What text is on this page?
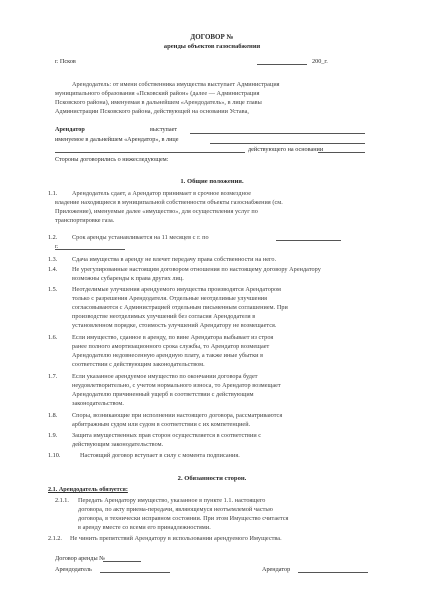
ДОГОВОР №
аренды объектов газоснабжения
г. Псков	200_г.
Арендодатель: от имени собственника имущества выступает Администрация
муниципального образования «Псковский район» (далее — Администрация
Псковского района), именуемая в дальнейшем «Арендодатель», в лице главы
Администрации Псковского района, действующей на основании Устава,
Арендатор	выступает
именуемое в дальнейшем «Арендатор», в лице
действующего на основании
Стороны договорились о нижеследующем:
1. Общие положения.
1.1. Арендодатель сдает, а Арендатор принимает в срочное возмездное
владение находящиеся в муниципальной собственности объекты газоснабжения (см.
Приложение), именуемые далее «имущество», для осуществления услуг по
транспортировке газа.
1.2. Срок аренды устанавливается на 11 месяцев с г. по
г.
1.3. Сдача имущества в аренду не влечет передачу права собственности на него.
1.4. Не урегулированные настоящим договором отношения по настоящему договору Арендатору
возможны субаренды к права других лиц.
1.5. Неотделимые улучшения арендуемого имущества производятся Арендатором
только с разрешения Арендодателя. Отдельные неотделимые улучшения
согласовываются с Администрацией отдельным письменным соглашением. При
производстве неотделимых улучшений без согласия Арендодателя в
установленном порядке, стоимость улучшений Арендатору не возмещается.
1.6. Если имущество, сданное в аренду, по вине Арендатора выбывает из строя
ранее полного амортизационного срока службы, то Арендатор возмещает
Арендодателю недовнесенную арендную плату, а также иные убытки в
соответствии с действующим законодательством.
1.7. Если указанное арендуемое имущество по окончании договора будет
неудовлетворительно, с учетом нормального износа, то Арендатор возмещает
Арендодателю причиненный ущерб в соответствии с действующим
законодательством.
1.8. Споры, возникающие при исполнении настоящего договора, рассматриваются
арбитражным судом или судом в соответствии с их компетенцией.
1.9. Защита имущественных прав сторон осуществляется в соответствии с
действующим законодательством.
1.10.	Настоящий договор вступает в силу с момента подписания.
2. Обязанности сторон.
2.1. Арендодатель обязуется:
2.1.1. Передать Арендатору имущество, указанное в пункте 1.1. настоящего
договора, по акту приема-передачи, являющемуся неотъемлемой частью
договора, в технически исправном состоянии. При этом Имущество считается
в аренду вместе со всеми его принадлежностями.
2.1.2. Не чинить препятствий Арендатору в использовании арендуемого Имущества.
Договор аренды №
Арендодатель	Арендатор
